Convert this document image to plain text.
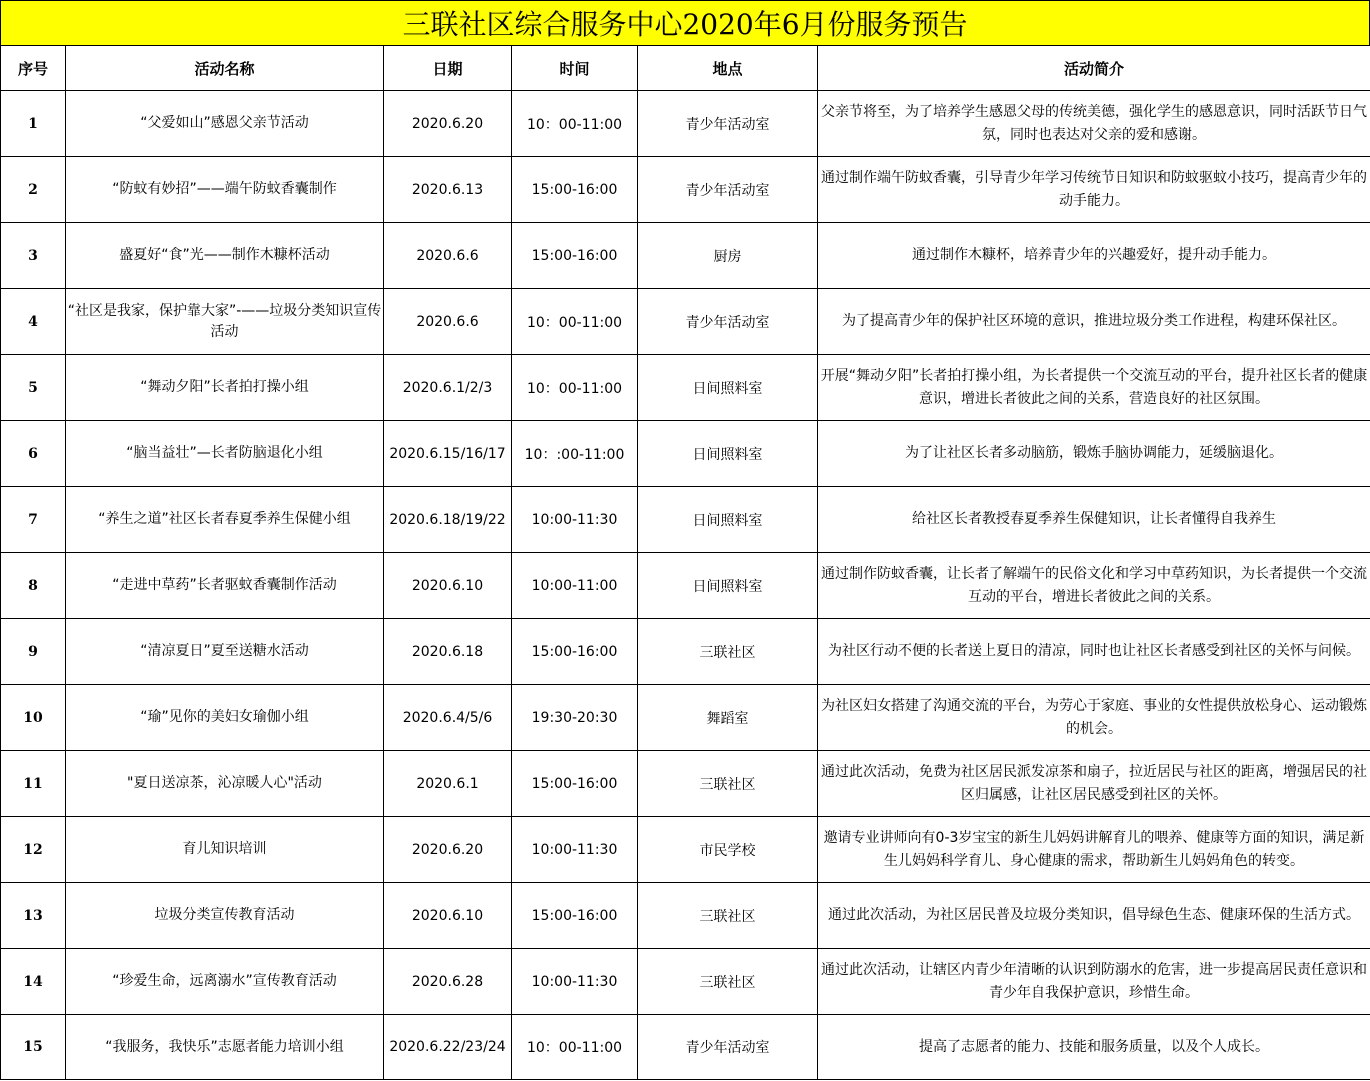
三联社区综合服务中心2020年6月份服务预告
序号	活动名称	日期	时间	地点	活动简介
1	“父爱如山”感恩父亲节活动	2020.6.20	10：00-11:00	青少年活动室	父亲节将至，为了培养学生感恩父母的传统美德，强化学生的感恩意识，同时活跃节日气氛，同时也表达对父亲的爱和感谢。
2	“防蚊有妙招”——端午防蚊香囊制作	2020.6.13	15:00-16:00	青少年活动室	通过制作端午防蚊香囊，引导青少年学习传统节日知识和防蚊驱蚊小技巧，提高青少年的动手能力。
3	盛夏好“食”光——制作木糠杯活动	2020.6.6	15:00-16:00	厨房	通过制作木糠杯，培养青少年的兴趣爱好，提升动手能力。
4	“社区是我家，保护靠大家”-——垃圾分类知识宣传活动	2020.6.6	10：00-11:00	青少年活动室	为了提高青少年的保护社区环境的意识，推进垃圾分类工作进程，构建环保社区。
5	“舞动夕阳”长者拍打操小组	2020.6.1/2/3	10：00-11:00	日间照料室	开展“舞动夕阳”长者拍打操小组，为长者提供一个交流互动的平台，提升社区长者的健康意识，增进长者彼此之间的关系，营造良好的社区氛围。
6	“脑当益壮”—长者防脑退化小组	2020.6.15/16/17	10：:00-11:00	日间照料室	为了让社区长者多动脑筋，锻炼手脑协调能力，延缓脑退化。
7	“养生之道”社区长者春夏季养生保健小组	2020.6.18/19/22	10:00-11:30	日间照料室	给社区长者教授春夏季养生保健知识，让长者懂得自我养生
8	“走进中草药”长者驱蚊香囊制作活动	2020.6.10	10:00-11:00	日间照料室	通过制作防蚊香囊，让长者了解端午的民俗文化和学习中草药知识，为长者提供一个交流互动的平台，增进长者彼此之间的关系。
9	“清凉夏日”夏至送糖水活动	2020.6.18	15:00-16:00	三联社区	为社区行动不便的长者送上夏日的清凉，同时也让社区长者感受到社区的关怀与问候。
10	“瑜”见你的美妇女瑜伽小组	2020.6.4/5/6	19:30-20:30	舞蹈室	为社区妇女搭建了沟通交流的平台，为劳心于家庭、事业的女性提供放松身心、运动锻炼的机会。
11	"夏日送凉茶，沁凉暖人心"活动	2020.6.1	15:00-16:00	三联社区	通过此次活动，免费为社区居民派发凉茶和扇子，拉近居民与社区的距离，增强居民的社区归属感，让社区居民感受到社区的关怀。
12	育儿知识培训	2020.6.20	10:00-11:30	市民学校	邀请专业讲师向有0-3岁宝宝的新生儿妈妈讲解育儿的喂养、健康等方面的知识，满足新生儿妈妈科学育儿、身心健康的需求，帮助新生儿妈妈角色的转变。
13	垃圾分类宣传教育活动	2020.6.10	15:00-16:00	三联社区	通过此次活动，为社区居民普及垃圾分类知识，倡导绿色生态、健康环保的生活方式。
14	“珍爱生命，远离溺水”宣传教育活动	2020.6.28	10:00-11:30	三联社区	通过此次活动，让辖区内青少年清晰的认识到防溺水的危害，进一步提高居民责任意识和青少年自我保护意识，珍惜生命。
15	“我服务，我快乐”志愿者能力培训小组	2020.6.22/23/24	10：00-11:00	青少年活动室	提高了志愿者的能力、技能和服务质量，以及个人成长。
